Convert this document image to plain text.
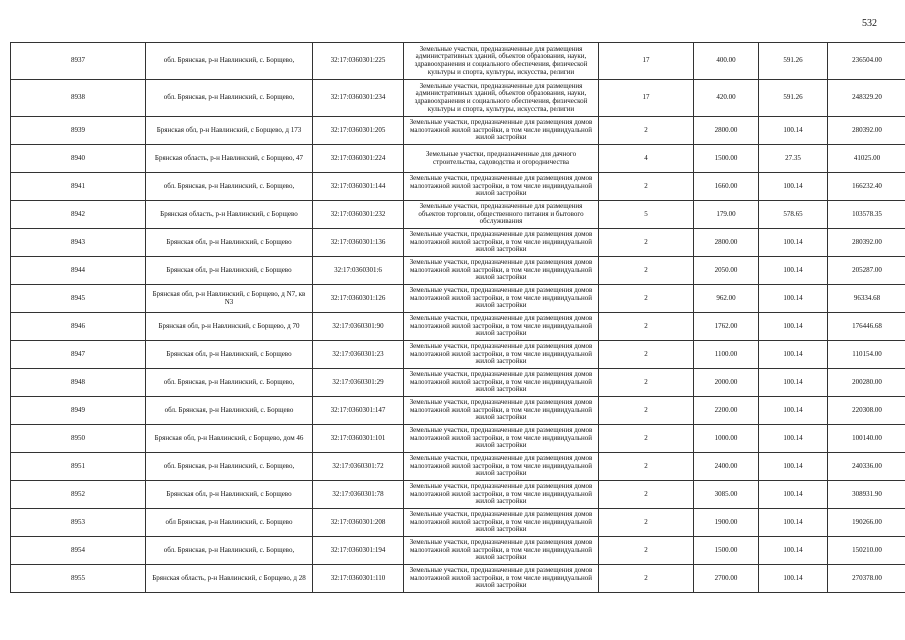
532
8937	обл. Брянская, р-н Навлинский, с. Борщево,	32:17:0360301:225	Земельные участки, предназначенные для размещения административных зданий, объектов образования, науки, здравоохранения и социального обеспечения, физической культуры и спорта, культуры, искусства, религии	17	400.00	591.26	236504.00
8938	обл. Брянская, р-н Навлинский, с. Борщево,	32:17:0360301:234	Земельные участки, предназначенные для размещения административных зданий, объектов образования, науки, здравоохранения и социального обеспечения, физической культуры и спорта, культуры, искусства, религии	17	420.00	591.26	248329.20
8939	Брянская обл, р-н Навлинский, с Борщево, д 173	32:17:0360301:205	Земельные участки, предназначенные для размещения домов малоэтажной жилой застройки, в том числе индивидуальной жилой застройки	2	2800.00	100.14	280392.00
8940	Брянская область, р-н Навлинский, с Борщево, 47	32:17:0360301:224	Земельные участки, предназначенные для дачного строительства, садоводства и огородничества	4	1500.00	27.35	41025.00
8941	обл. Брянская, р-н Навлинский, с. Борщево,	32:17:0360301:144	Земельные участки, предназначенные для размещения домов малоэтажной жилой застройки, в том числе индивидуальной жилой застройки	2	1660.00	100.14	166232.40
8942	Брянская область, р-н Навлинский, с Борщево	32:17:0360301:232	Земельные участки, предназначенные для размещения объектов торговли, общественного питания и бытового обслуживания	5	179.00	578.65	103578.35
8943	Брянская обл, р-н Навлинский, с Борщево	32:17:0360301:136	Земельные участки, предназначенные для размещения домов малоэтажной жилой застройки, в том числе индивидуальной жилой застройки	2	2800.00	100.14	280392.00
8944	Брянская обл, р-н Навлинский, с Борщево	32:17:0360301:6	Земельные участки, предназначенные для размещения домов малоэтажной жилой застройки, в том числе индивидуальной жилой застройки	2	2050.00	100.14	205287.00
8945	Брянская обл, р-н Навлинский, с Борщево, д N7, кв N3	32:17:0360301:126	Земельные участки, предназначенные для размещения домов малоэтажной жилой застройки, в том числе индивидуальной жилой застройки	2	962.00	100.14	96334.68
8946	Брянская обл, р-н Навлинский, с Борщево, д 70	32:17:0360301:90	Земельные участки, предназначенные для размещения домов малоэтажной жилой застройки, в том числе индивидуальной жилой застройки	2	1762.00	100.14	176446.68
8947	Брянская обл, р-н Навлинский, с Борщево	32:17:0360301:23	Земельные участки, предназначенные для размещения домов малоэтажной жилой застройки, в том числе индивидуальной жилой застройки	2	1100.00	100.14	110154.00
8948	обл. Брянская, р-н Навлинский, с. Борщево,	32:17:0360301:29	Земельные участки, предназначенные для размещения домов малоэтажной жилой застройки, в том числе индивидуальной жилой застройки	2	2000.00	100.14	200280.00
8949	обл. Брянская, р-н Навлинский, с. Борщево	32:17:0360301:147	Земельные участки, предназначенные для размещения домов малоэтажной жилой застройки, в том числе индивидуальной жилой застройки	2	2200.00	100.14	220308.00
8950	Брянская обл, р-н Навлинский, с Борщево, дом 46	32:17:0360301:101	Земельные участки, предназначенные для размещения домов малоэтажной жилой застройки, в том числе индивидуальной жилой застройки	2	1000.00	100.14	100140.00
8951	обл. Брянская, р-н Навлинский, с. Борщево,	32:17:0360301:72	Земельные участки, предназначенные для размещения домов малоэтажной жилой застройки, в том числе индивидуальной жилой застройки	2	2400.00	100.14	240336.00
8952	Брянская обл, р-н Навлинский, с Борщево	32:17:0360301:78	Земельные участки, предназначенные для размещения домов малоэтажной жилой застройки, в том числе индивидуальной жилой застройки	2	3085.00	100.14	308931.90
8953	обл Брянская, р-н Навлинский, с. Борщево	32:17:0360301:208	Земельные участки, предназначенные для размещения домов малоэтажной жилой застройки, в том числе индивидуальной жилой застройки	2	1900.00	100.14	190266.00
8954	обл. Брянская, р-н Навлинский, с. Борщево,	32:17:0360301:194	Земельные участки, предназначенные для размещения домов малоэтажной жилой застройки, в том числе индивидуальной жилой застройки	2	1500.00	100.14	150210.00
8955	Брянская область, р-н Навлинский, с Борщево, д 28	32:17:0360301:110	Земельные участки, предназначенные для размещения домов малоэтажной жилой застройки, в том числе индивидуальной жилой застройки	2	2700.00	100.14	270378.00
